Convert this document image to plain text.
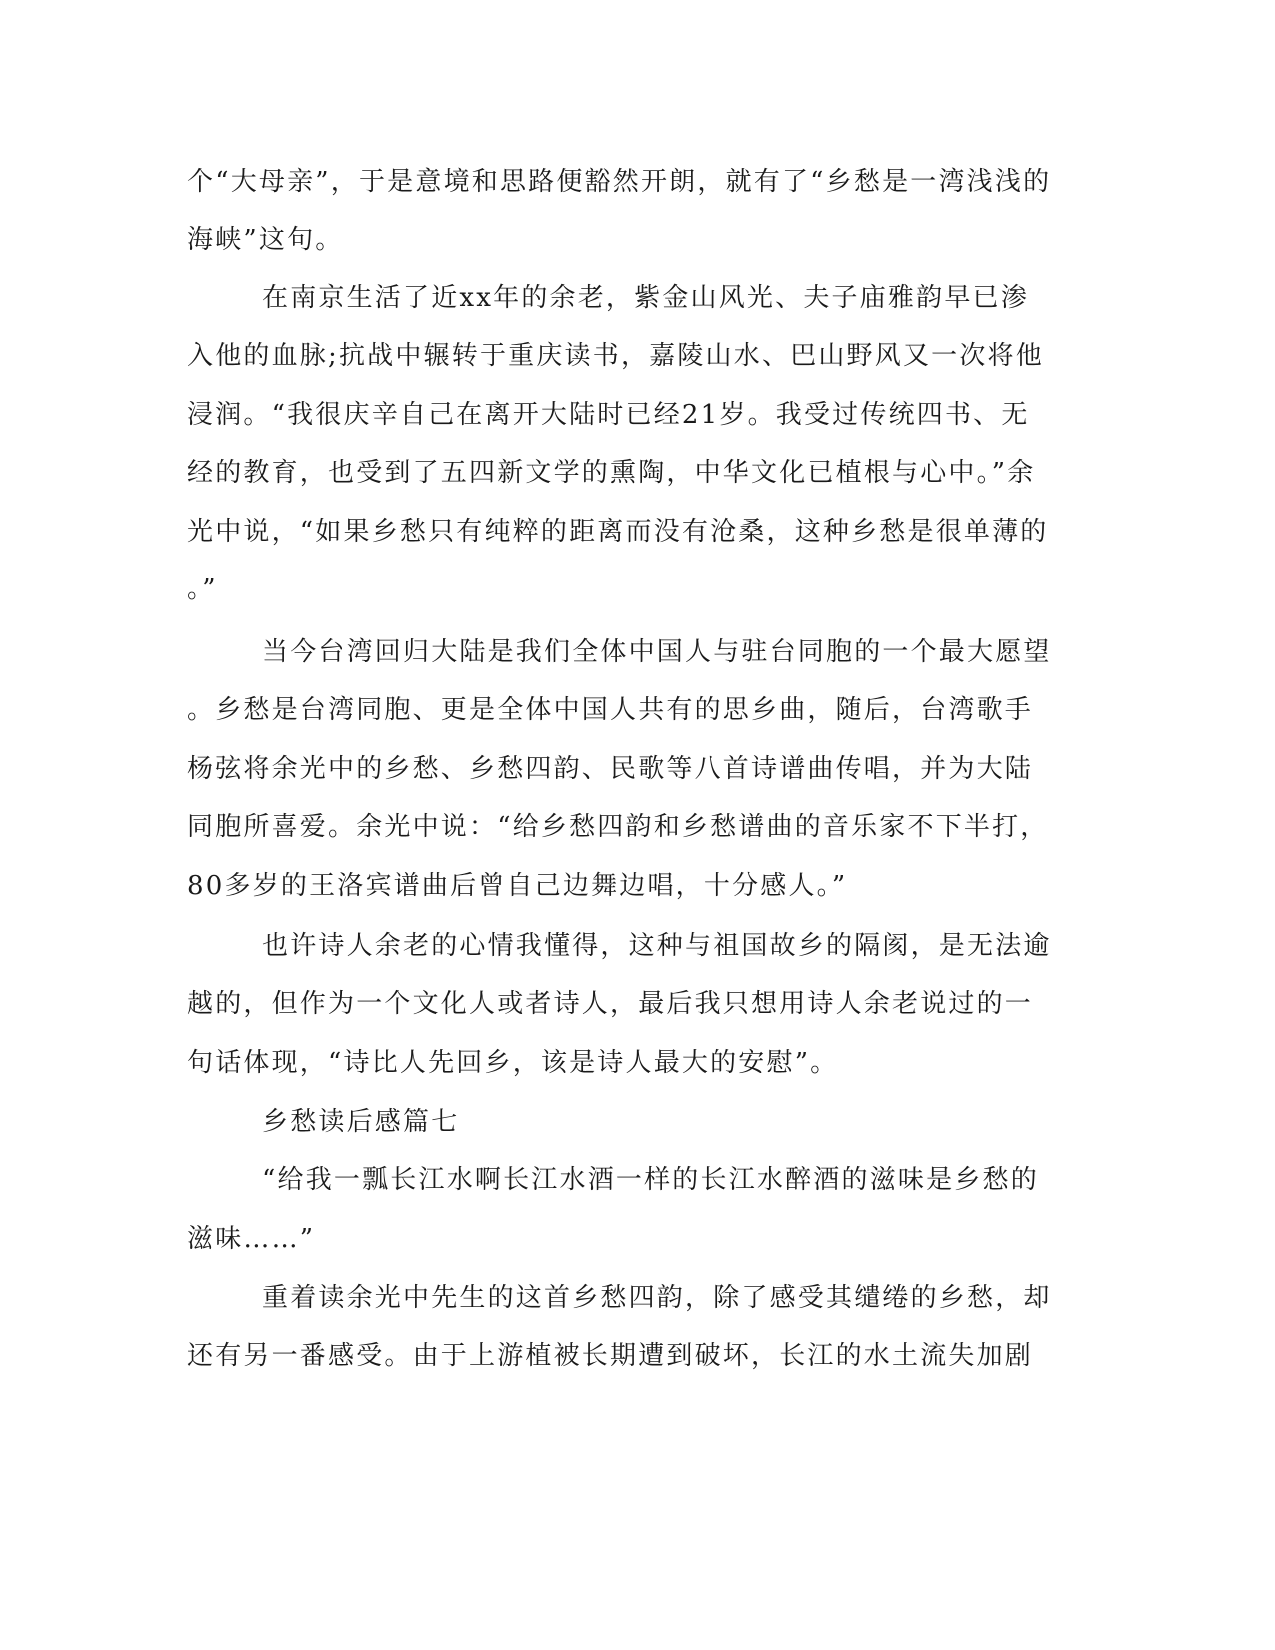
个“大母亲”，于是意境和思路便豁然开朗，就有了“乡愁是一湾浅浅的
海峡”这句。
在南京生活了近xx年的余老，紫金山风光、夫子庙雅韵早已渗
入他的血脉;抗战中辗转于重庆读书，嘉陵山水、巴山野风又一次将他
浸润。“我很庆辛自己在离开大陆时已经21岁。我受过传统四书、无
经的教育，也受到了五四新文学的熏陶，中华文化已植根与心中。”余
光中说，“如果乡愁只有纯粹的距离而没有沧桑，这种乡愁是很单薄的
。”
当今台湾回归大陆是我们全体中国人与驻台同胞的一个最大愿望
。乡愁是台湾同胞、更是全体中国人共有的思乡曲，随后，台湾歌手
杨弦将余光中的乡愁、乡愁四韵、民歌等八首诗谱曲传唱，并为大陆
同胞所喜爱。余光中说：“给乡愁四韵和乡愁谱曲的音乐家不下半打，
80多岁的王洛宾谱曲后曾自己边舞边唱，十分感人。”
也许诗人余老的心情我懂得，这种与祖国故乡的隔阂，是无法逾
越的，但作为一个文化人或者诗人，最后我只想用诗人余老说过的一
句话体现，“诗比人先回乡，该是诗人最大的安慰”。
乡愁读后感篇七
“给我一瓢长江水啊长江水酒一样的长江水醉酒的滋味是乡愁的
滋味……”
重着读余光中先生的这首乡愁四韵，除了感受其缱绻的乡愁，却
还有另一番感受。由于上游植被长期遭到破坏，长江的水土流失加剧
